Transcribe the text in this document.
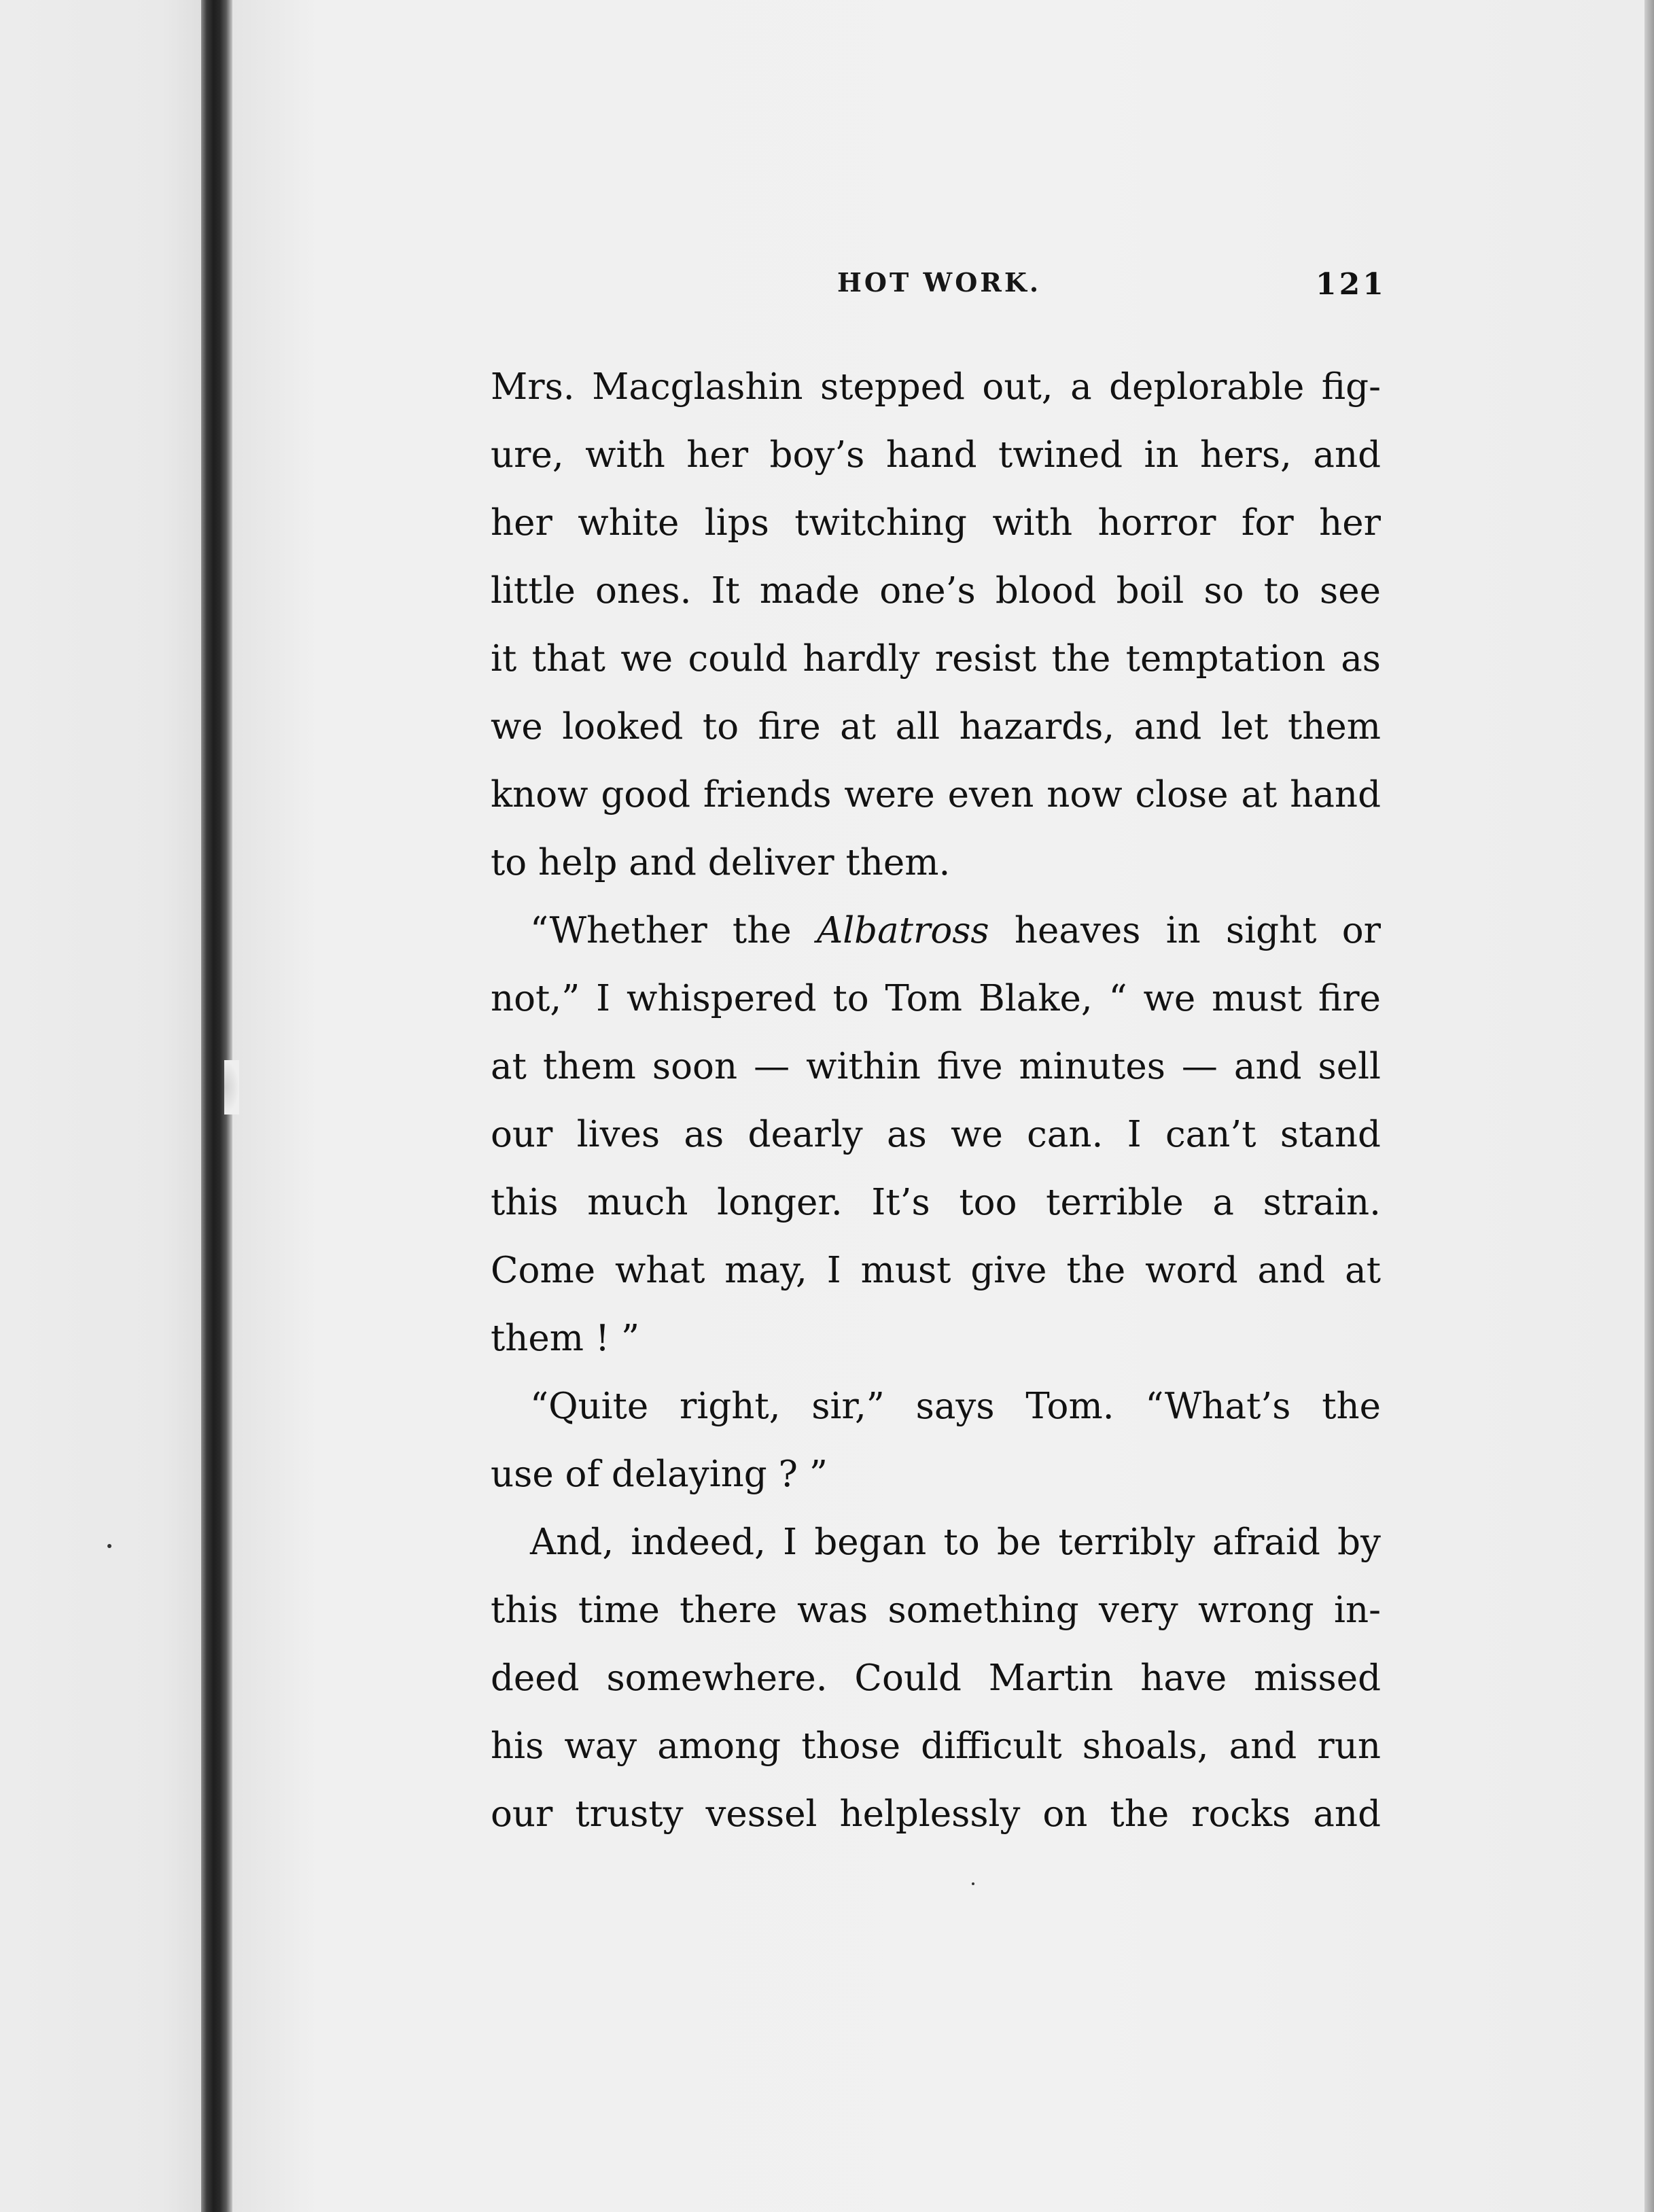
HOT WORK.	121
Mrs. Macglashin stepped out, a deplorable fig-
ure, with her boy’s hand twined in hers, and
her white lips twitching with horror for her
little ones. It made one’s blood boil so to see
it that we could hardly resist the temptation as
we looked to fire at all hazards, and let them
know good friends were even now close at hand
to help and deliver them.
“Whether the Albatross heaves in sight or
not,” I whispered to Tom Blake, “ we must fire
at them soon — within five minutes — and sell
our lives as dearly as we can. I can’t stand
this much longer. It’s too terrible a strain.
Come what may, I must give the word and at
them ! ”
“Quite right, sir,” says Tom. “What’s the
use of delaying ? ”
And, indeed, I began to be terribly afraid by
this time there was something very wrong in-
deed somewhere. Could Martin have missed
his way among those difficult shoals, and run
our trusty vessel helplessly on the rocks and
